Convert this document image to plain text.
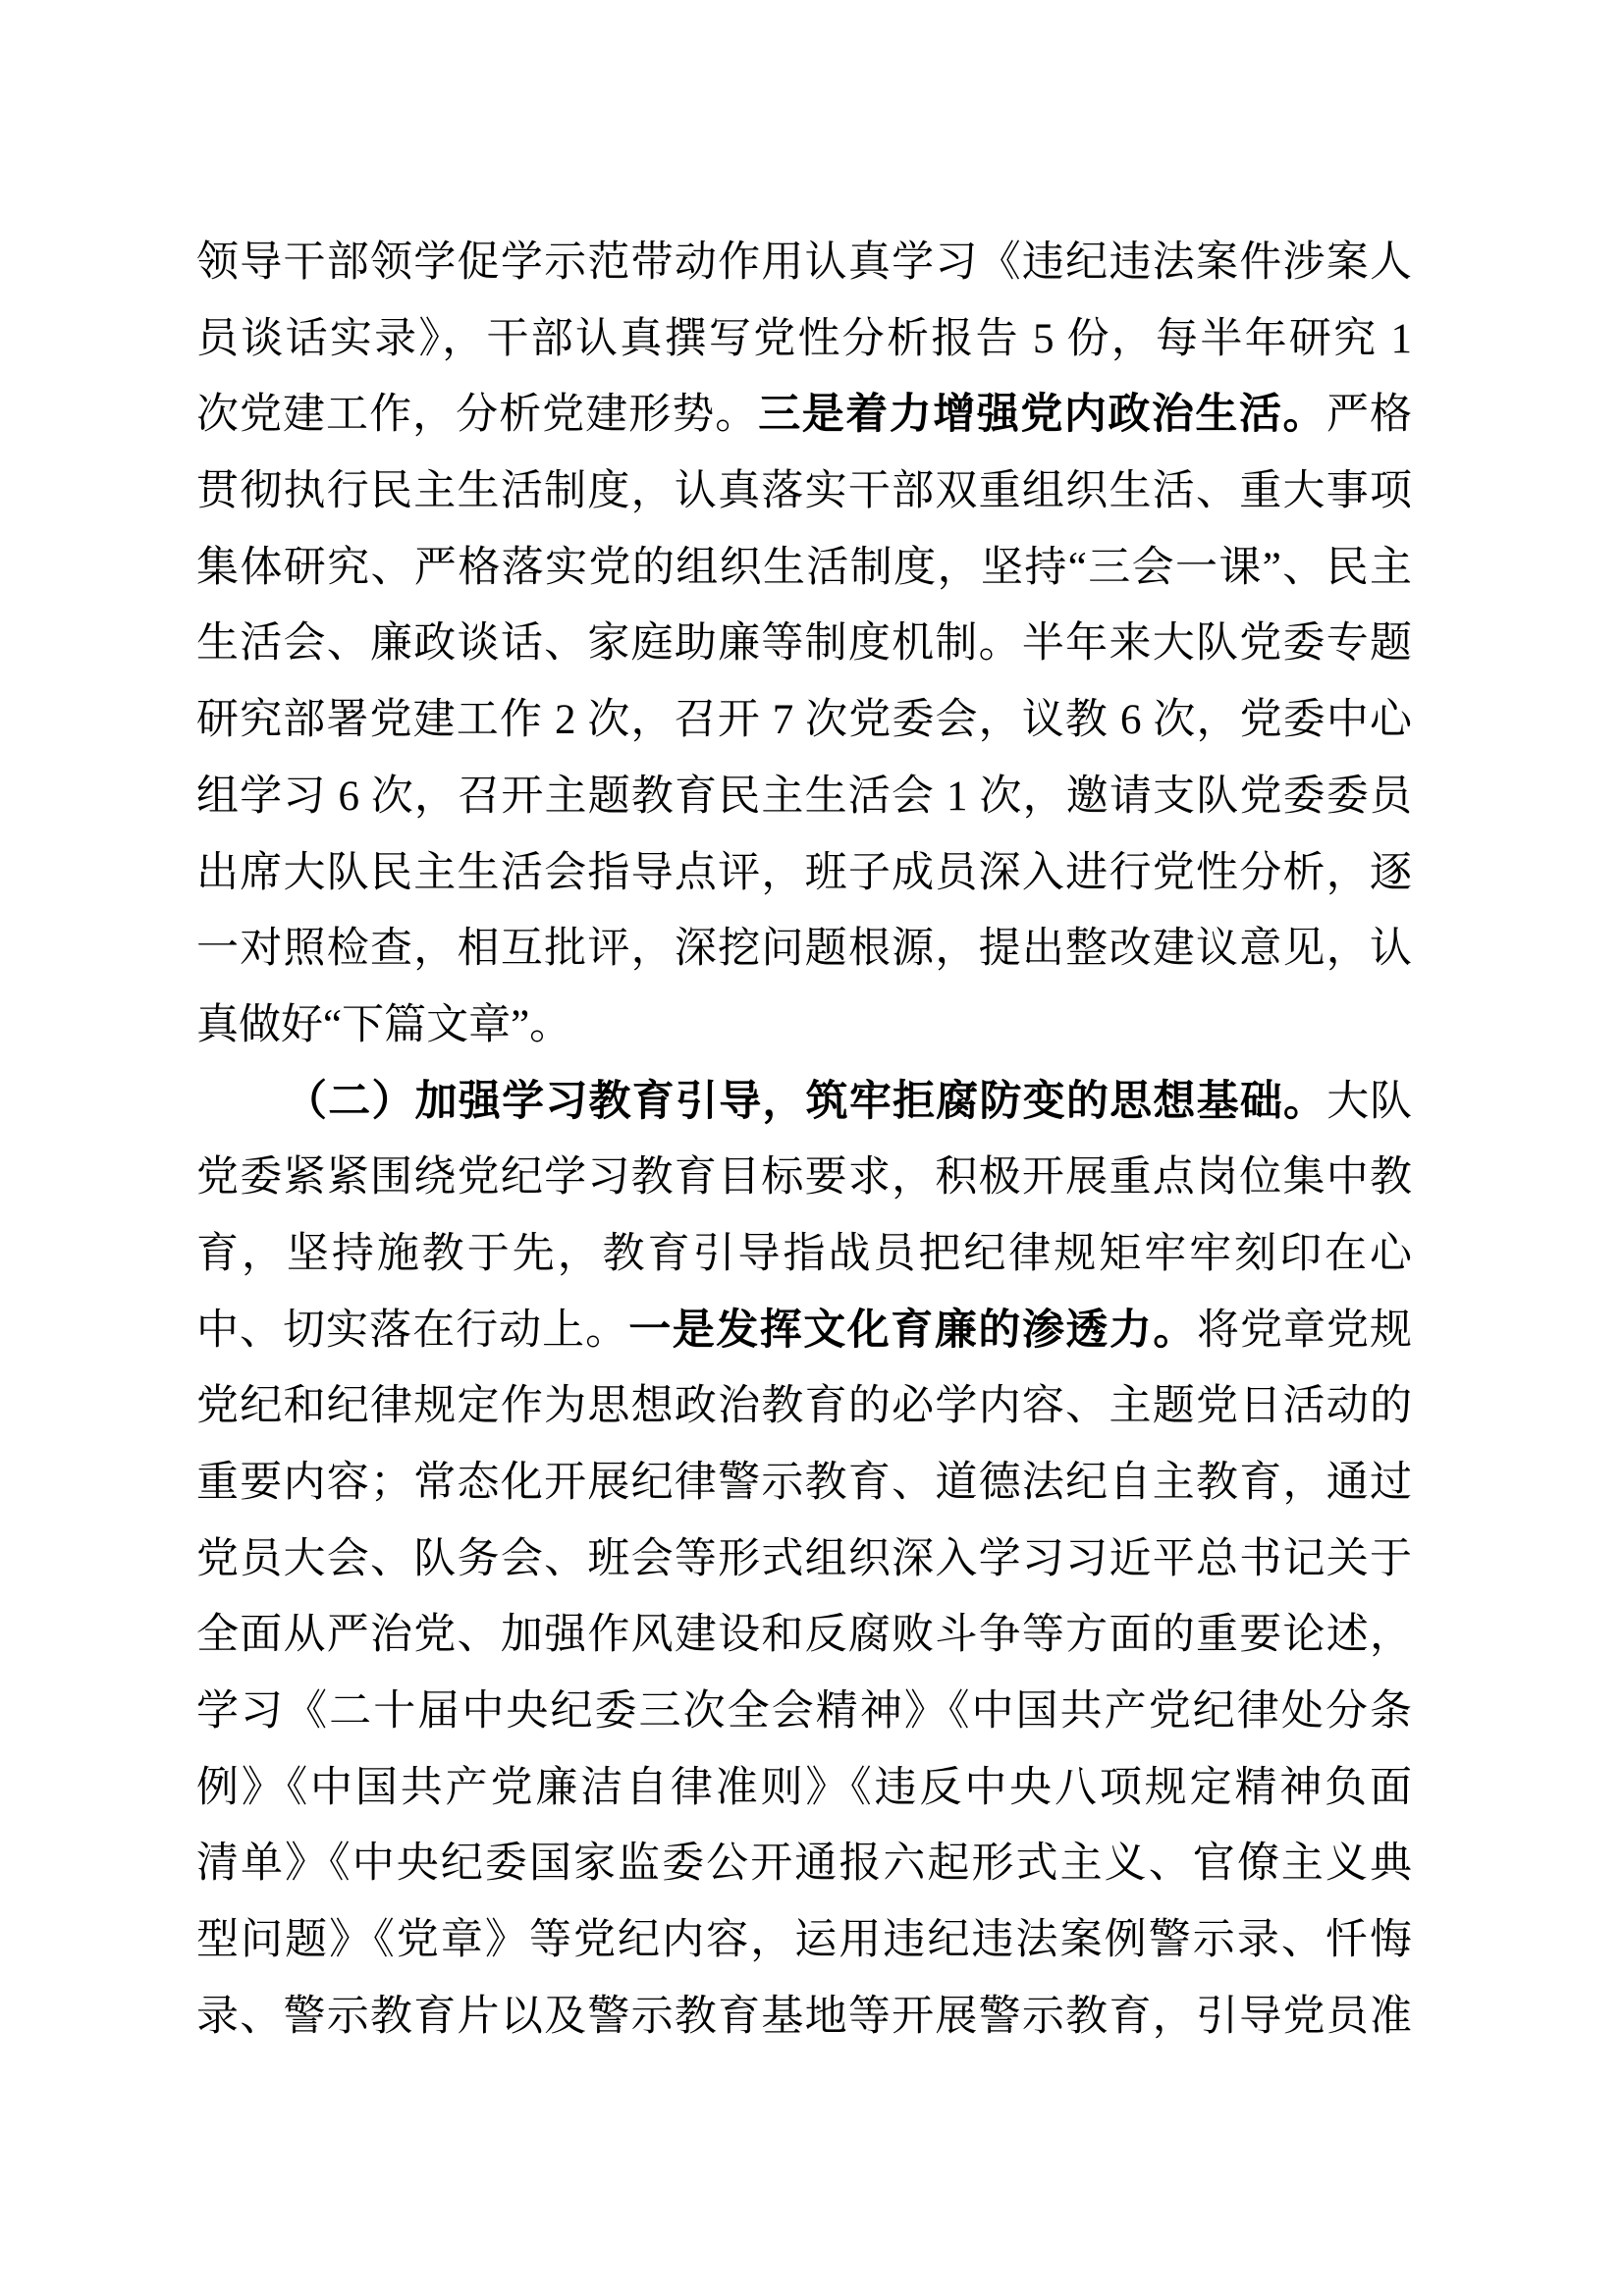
领导干部领学促学示范带动作用认真学习《违纪违法案件涉案人
员谈话实录》，干部认真撰写党性分析报告 5 份，每半年研究 1
次党建工作，分析党建形势。三是着力增强党内政治生活。严格
贯彻执行民主生活制度，认真落实干部双重组织生活、重大事项
集体研究、严格落实党的组织生活制度，坚持“三会一课”、民主
生活会、廉政谈话、家庭助廉等制度机制。半年来大队党委专题
研究部署党建工作 2 次，召开 7 次党委会，议教 6 次，党委中心
组学习 6 次，召开主题教育民主生活会 1 次，邀请支队党委委员
出席大队民主生活会指导点评，班子成员深入进行党性分析，逐
一对照检查，相互批评，深挖问题根源，提出整改建议意见，认
真做好“下篇文章”。
（二）加强学习教育引导，筑牢拒腐防变的思想基础。大队
党委紧紧围绕党纪学习教育目标要求，积极开展重点岗位集中教
育，坚持施教于先，教育引导指战员把纪律规矩牢牢刻印在心
中、切实落在行动上。一是发挥文化育廉的渗透力。将党章党规
党纪和纪律规定作为思想政治教育的必学内容、主题党日活动的
重要内容；常态化开展纪律警示教育、道德法纪自主教育，通过
党员大会、队务会、班会等形式组织深入学习习近平总书记关于
全面从严治党、加强作风建设和反腐败斗争等方面的重要论述，
学习《二十届中央纪委三次全会精神》《中国共产党纪律处分条
例》《中国共产党廉洁自律准则》《违反中央八项规定精神负面
清单》《中央纪委国家监委公开通报六起形式主义、官僚主义典
型问题》《党章》等党纪内容，运用违纪违法案例警示录、忏悔
录、警示教育片以及警示教育基地等开展警示教育，引导党员准
